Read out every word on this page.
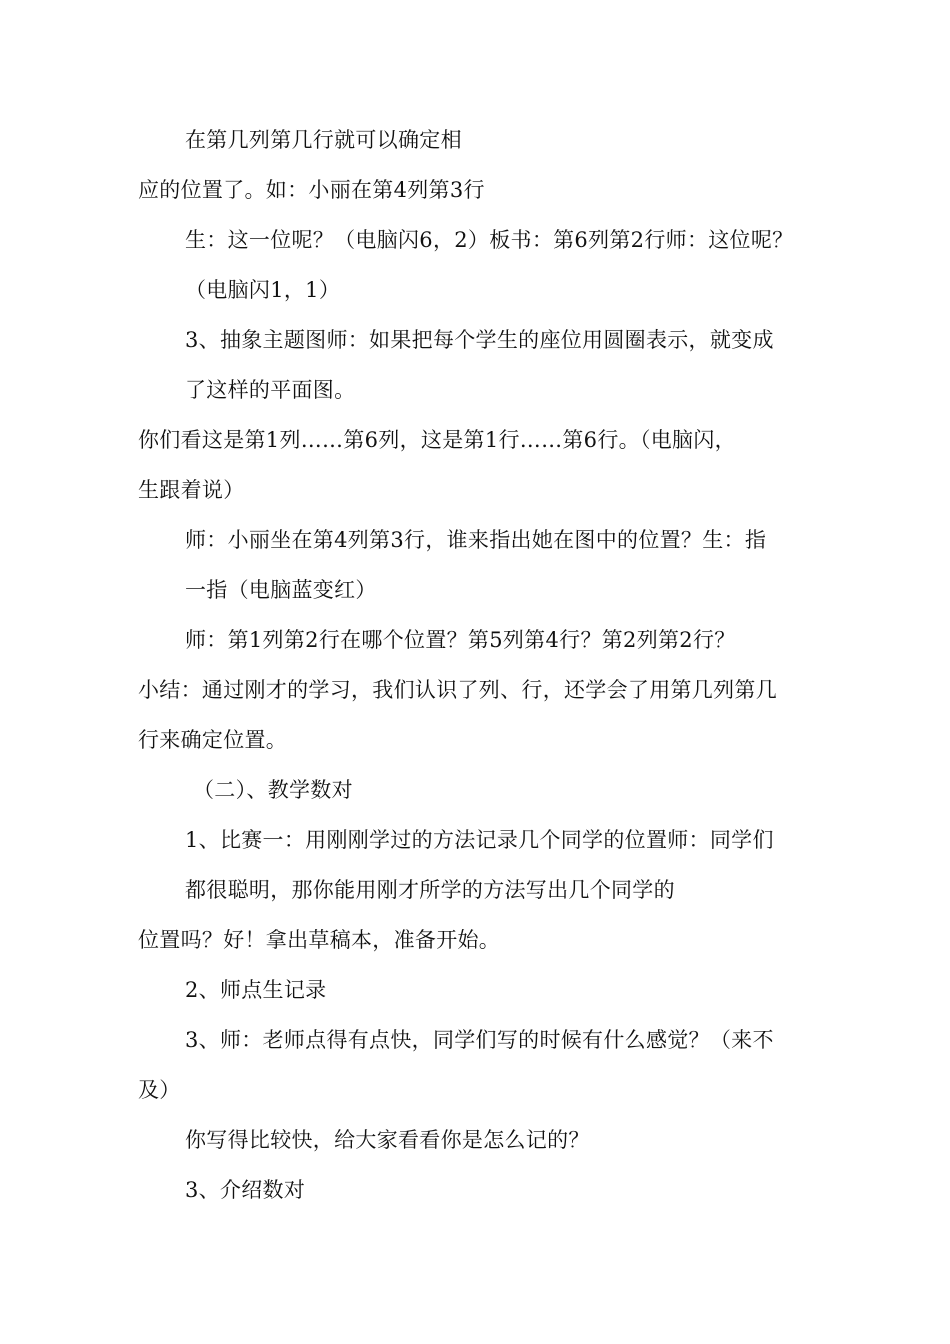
在第几列第几行就可以确定相
应的位置了。如：小丽在第4列第3行
生：这一位呢？（电脑闪6，2）板书：第6列第2行师：这位呢？
（电脑闪1，1）
3、抽象主题图师：如果把每个学生的座位用圆圈表示，就变成
了这样的平面图。
你们看这是第1列……第6列，这是第1行……第6行。（电脑闪，
生跟着说）
师：小丽坐在第4列第3行，谁来指出她在图中的位置？生：指
一指（电脑蓝变红）
师：第1列第2行在哪个位置？第5列第4行？第2列第2行？
小结：通过刚才的学习，我们认识了列、行，还学会了用第几列第几
行来确定位置。
（二）、教学数对
1、比赛一：用刚刚学过的方法记录几个同学的位置师：同学们
都很聪明，那你能用刚才所学的方法写出几个同学的
位置吗？好！拿出草稿本，准备开始。
2、师点生记录
3、师：老师点得有点快，同学们写的时候有什么感觉？（来不
及）
你写得比较快，给大家看看你是怎么记的？
3、介绍数对
